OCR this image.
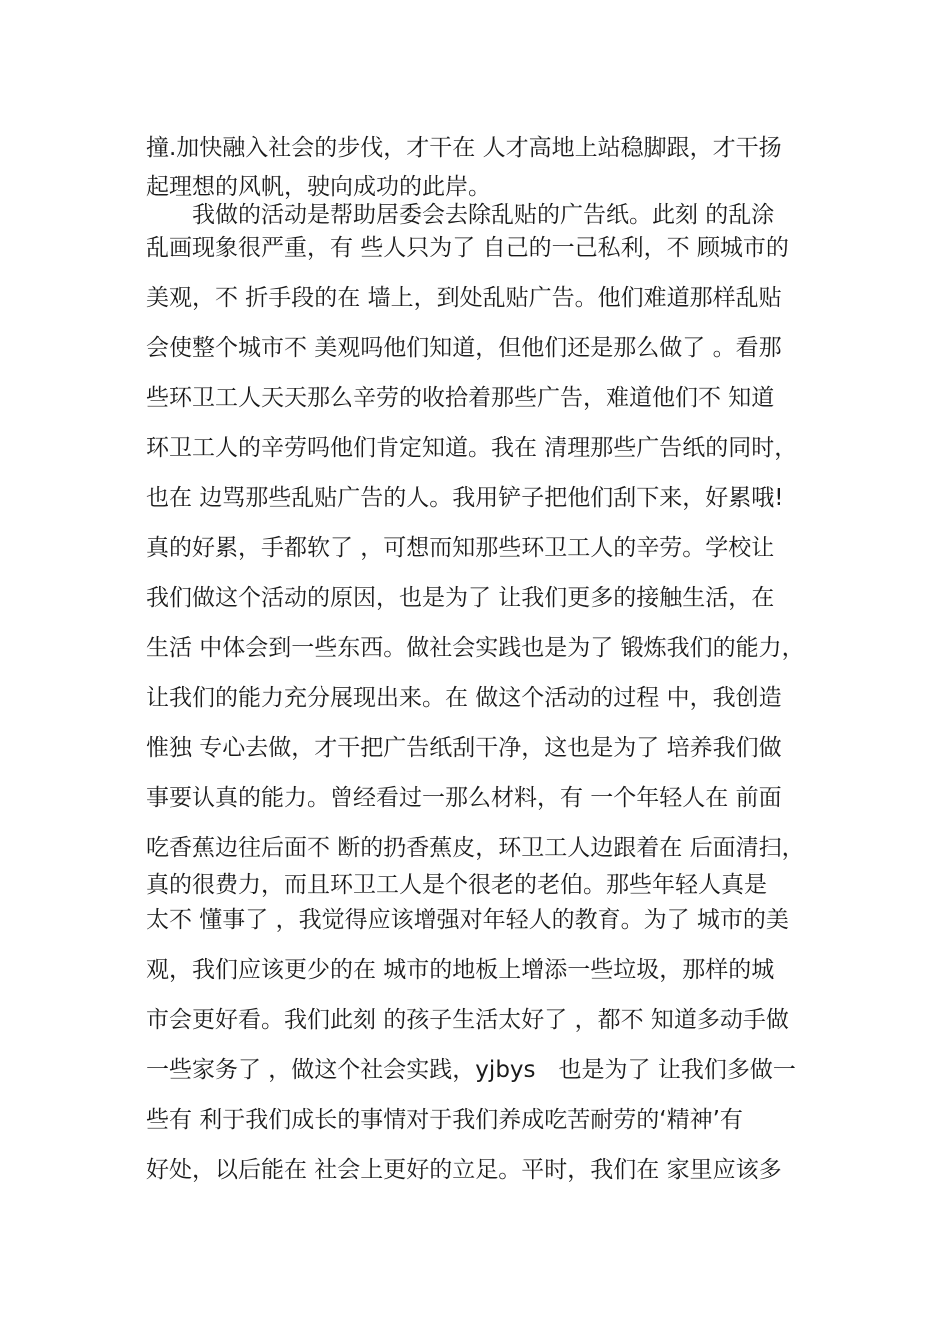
撞.加快融入社会的步伐，才干在 人才高地上站稳脚跟，才干扬
起理想的风帆，驶向成功的此岸。
　　我做的活动是帮助居委会去除乱贴的广告纸。此刻 的乱涂
乱画现象很严重，有 些人只为了 自己的一己私利，不 顾城市的
美观，不 折手段的在 墙上，到处乱贴广告。他们难道那样乱贴
会使整个城市不 美观吗他们知道，但他们还是那么做了 。看那
些环卫工人天天那么辛劳的收拾着那些广告，难道他们不 知道
环卫工人的辛劳吗他们肯定知道。我在 清理那些广告纸的同时，
也在 边骂那些乱贴广告的人。我用铲子把他们刮下来，好累哦!
真的好累，手都软了 ，可想而知那些环卫工人的辛劳。学校让
我们做这个活动的原因，也是为了 让我们更多的接触生活，在
生活 中体会到一些东西。做社会实践也是为了 锻炼我们的能力，
让我们的能力充分展现出来。在 做这个活动的过程 中，我创造
惟独 专心去做，才干把广告纸刮干净，这也是为了 培养我们做
事要认真的能力。曾经看过一那么材料，有 一个年轻人在 前面
吃香蕉边往后面不 断的扔香蕉皮，环卫工人边跟着在 后面清扫，
真的很费力，而且环卫工人是个很老的老伯。那些年轻人真是
太不 懂事了 ，我觉得应该增强对年轻人的教育。为了 城市的美
观，我们应该更少的在 城市的地板上增添一些垃圾，那样的城
市会更好看。我们此刻 的孩子生活太好了 ，都不 知道多动手做
一些家务了 ，做这个社会实践，yjbys　也是为了 让我们多做一
些有 利于我们成长的事情对于我们养成吃苦耐劳的‘精神’有
好处，以后能在 社会上更好的立足。平时，我们在 家里应该多
